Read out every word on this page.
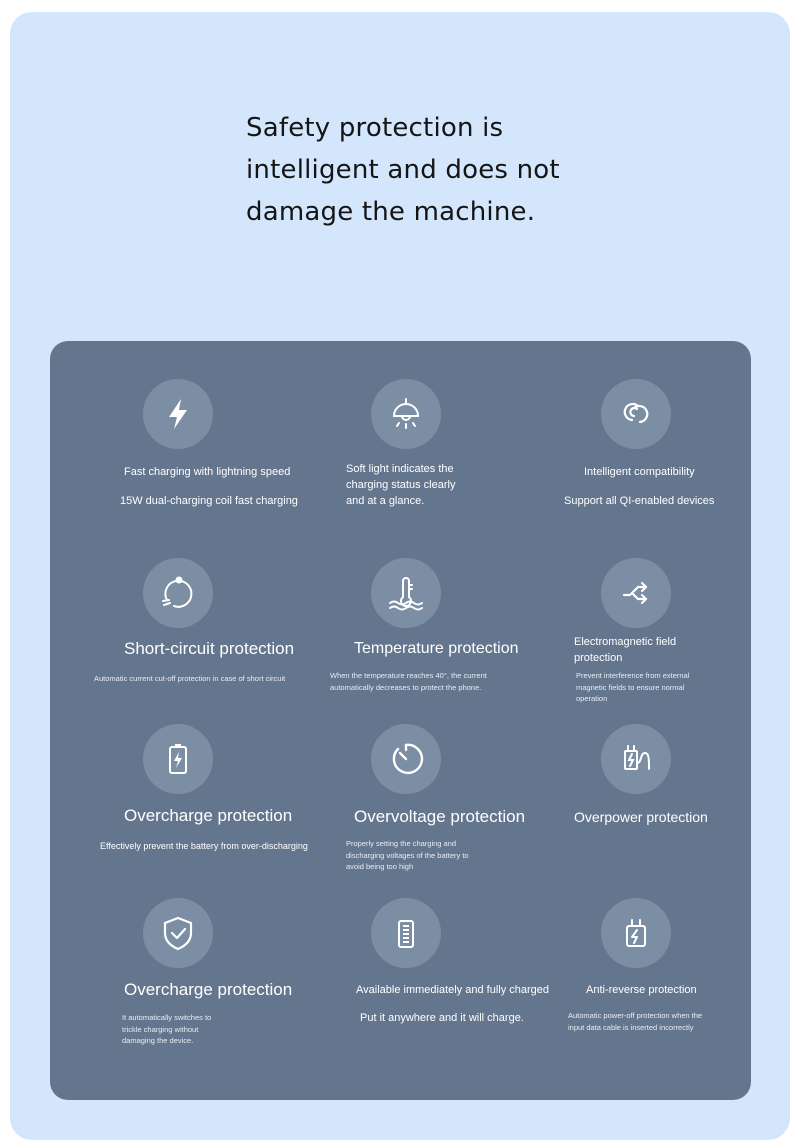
Safety protection is intelligent and does not damage the machine.
Fast charging with lightning speed
15W dual-charging coil fast charging
Soft light indicates the charging status clearly and at a glance.
Intelligent compatibility
Support all QI-enabled devices
Short-circuit protection
Automatic current cut-off protection in case of short circuit
Temperature protection
When the temperature reaches 40°, the current automatically decreases to protect the phone.
Electromagnetic field protection
Prevent interference from external magnetic fields to ensure normal operation
Overcharge protection
Effectively prevent the battery from over-discharging
Overvoltage protection
Properly setting the charging and discharging voltages of the battery to avoid being too high
Overpower protection
Overcharge protection
It automatically switches to trickle charging without damaging the device.
Available immediately and fully charged
Put it anywhere and it will charge.
Anti-reverse protection
Automatic power-off protection when the input data cable is inserted incorrectly
